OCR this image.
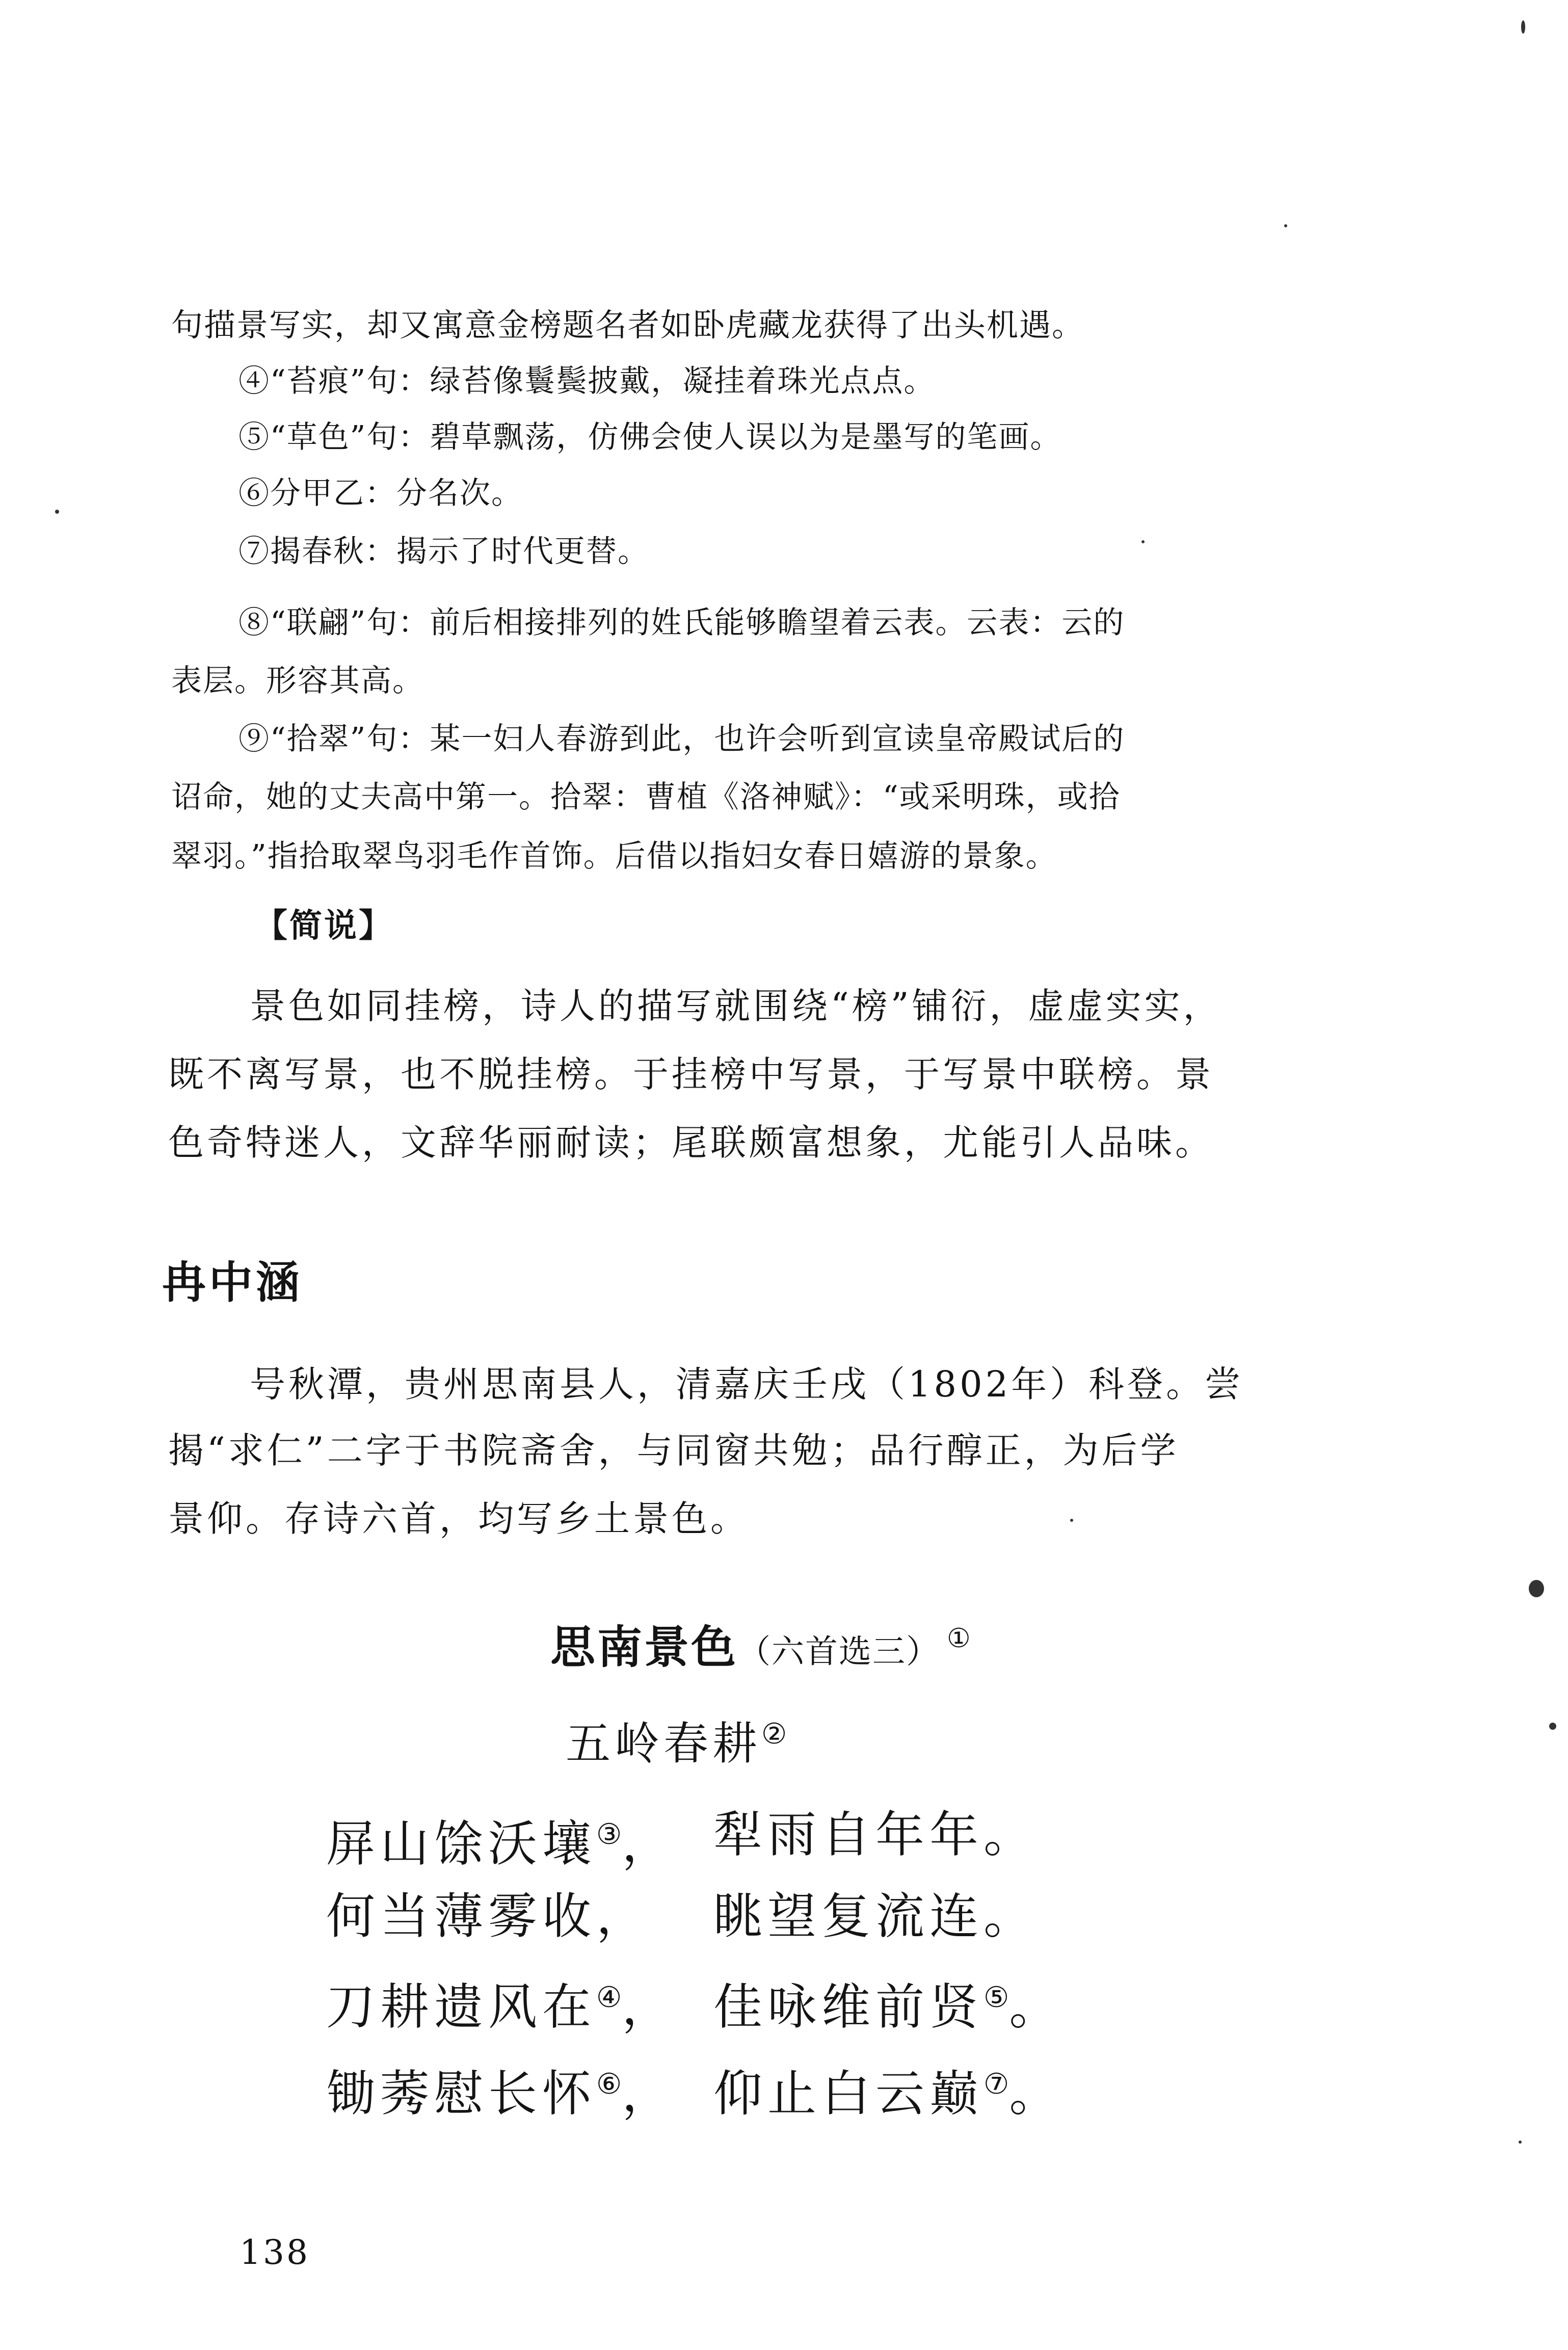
句描景写实，却又寓意金榜题名者如卧虎藏龙获得了出头机遇。
④“苔痕”句：绿苔像鬟鬓披戴，凝挂着珠光点点。
⑤“草色”句：碧草飘荡，仿佛会使人误以为是墨写的笔画。
⑥分甲乙：分名次。
⑦揭春秋：揭示了时代更替。
⑧“联翩”句：前后相接排列的姓氏能够瞻望着云表。云表：云的
表层。形容其高。
⑨“拾翠”句：某一妇人春游到此，也许会听到宣读皇帝殿试后的
诏命，她的丈夫高中第一。拾翠：曹植《洛神赋》：“或采明珠，或拾
翠羽。”指拾取翠鸟羽毛作首饰。后借以指妇女春日嬉游的景象。
【简说】
景色如同挂榜，诗人的描写就围绕“榜”铺衍，虚虚实实，
既不离写景，也不脱挂榜。于挂榜中写景，于写景中联榜。景
色奇特迷人，文辞华丽耐读；尾联颇富想象，尤能引人品味。
冉中涵
号秋潭，贵州思南县人，清嘉庆壬戌（1802年）科登。尝
揭“求仁”二字于书院斋舍，与同窗共勉；品行醇正，为后学
景仰。存诗六首，均写乡土景色。
思南景色（六首选三） ①
五岭春耕②
屏山馀沃壤③， 犁雨自年年。
何当薄雾收， 眺望复流连。
刀耕遗风在④， 佳咏维前贤⑤。
锄莠慰长怀⑥， 仰止白云巅⑦。
138
